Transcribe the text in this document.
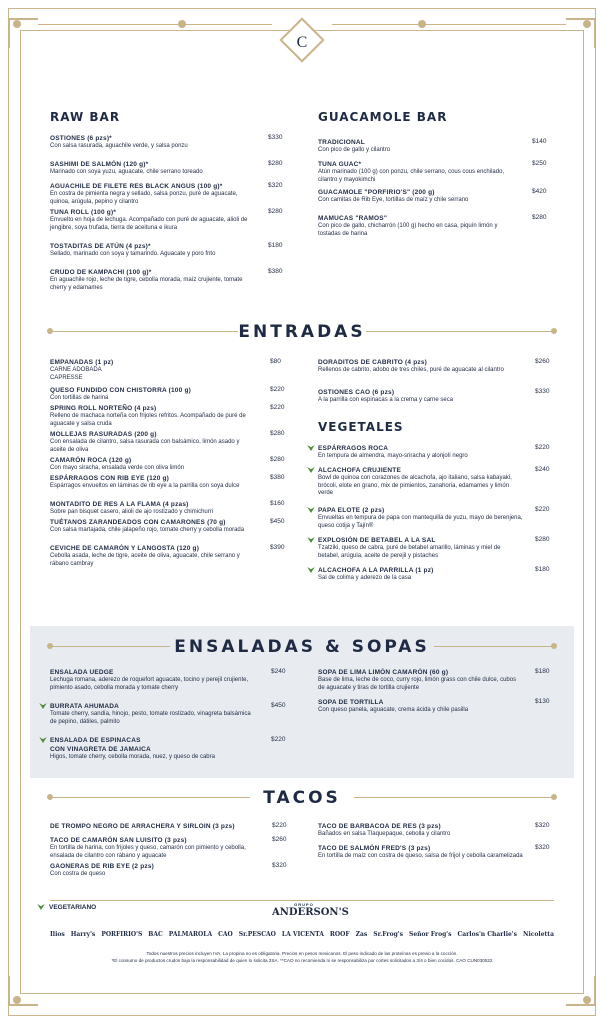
C
RAW BAR
OSTIONES (6 pzs)*
Con salsa rasurada, aguachile verde, y salsa ponzu
$330
SASHIMI DE SALMÓN (120 g)*
Marinado con soya yuzu, aguacate, chile serrano toreado
$280
AGUACHILE DE FILETE RES BLACK ANGUS (100 g)*
En costra de pimienta negra y sellado, salsa ponzu, puré de aguacate, quinoa, arúgula, pepino y cilantro
$320
TUNA ROLL (100 g)*
Envuelto en hoja de lechuga. Acompañado con puré de aguacate, alioli de jengibre, soya trufada, tierra de aceituna e ikura
$280
TOSTADITAS DE ATÚN (4 pzs)*
Sellado, marinado con soya y tamarindo. Aguacate y poro frito
$180
CRUDO DE KAMPACHI (100 g)*
En aguachile rojo, leche de tigre, cebolla morada, maíz crujiente, tomate cherry y edamames
$380
GUACAMOLE BAR
TRADICIONAL
Con pico de gallo y cilantro
$140
TUNA GUAC*
Atún marinado (100 g) con ponzu, chile serrano, cous cous enchilado, cilantro y mayokimchi
$250
GUACAMOLE "PORFIRIO'S" (200 g)
Con camitas de Rib Eye, tortillas de maíz y chile serrano
$420
MAMUCAS "RAMOS"
Con pico de gallo, chicharrón (100 g) hecho en casa, piquín limón y tostadas de harina
$280
ENTRADAS
EMPANADAS (1 pz)
CARNE ADOBADA
CAPRESSE
$80
QUESO FUNDIDO CON CHISTORRA (100 g)
Con tortillas de harina
$220
SPRING ROLL NORTEÑO (4 pzs)
Relleno de machaca norteña con frijoles refritos. Acompañado de puré de aguacate y salsa cruda
$220
MOLLEJAS RASURADAS (200 g)
Con ensalada de cilantro, salsa rasurada con balsámico, limón asado y aceite de oliva
$280
CAMARÓN ROCA (120 g)
Con mayo siracha, ensalada verde con oliva limón
$280
ESPÁRRAGOS CON RIB EYE (120 g)
Espárragos envueltos en láminas de rib eye a la parrilla con soya dulce
$380
MONTADITO DE RES A LA FLAMA (4 pzas)
Sobre pan bisquet casero, alioli de ajo rostizado y chimichurri
$160
TUÉTANOS ZARANDEADOS CON CAMARONES (70 g)
Con salsa martajada, chile jalapeño rojo, tomate cherry y cebolla morada
$450
CEVICHE DE CAMARÓN Y LANGOSTA (120 g)
Cebolla asada, leche de tigre, aceite de oliva, aguacate, chile serrano y rábano cambray
$390
DORADITOS DE CABRITO (4 pzs)
Rellenos de cabrito, adobo de tres chiles, puré de aguacate al cilantro
$260
OSTIONES CAO (6 pzs)
A la parrilla con espinacas a la crema y carne seca
$330
VEGETALES
ESPÁRRAGOS ROCA
En tempura de almendra, mayo-sriracha y alonjolí negro
$220
ALCACHOFA CRUJIENTE
Bowl de quinoa con corazones de alcachofa, ajo italiano, salsa kabayaki, brócoli, elote en grano, mix de pimientos, zanahoria, edamames y limón verde
$240
PAPA ELOTE (2 pzs)
Envueltas en tempura de papa con mantequilla de yuzu, mayo de berenjena, queso cotija y Tajín®
$220
EXPLOSIÓN DE BETABEL A LA SAL
Tzatziki, queso de cabra, puré de betabel amarillo, láminas y miel de betabel, arúgula, aceite de perejil y pistaches
$280
ALCACHOFA A LA PARRILLA (1 pz)
Sal de colima y aderezo de la casa
$180
ENSALADAS & SOPAS
ENSALADA UEDGE
Lechuga romana, aderezo de roquefort aguacate, tocino y perejil crujiente, pimiento asado, cebolla morada y tomate cherry
$240
BURRATA AHUMADA
Tomate cherry, sandía, hinojo, pesto, tomate rostizado, vinagreta balsámica de pepino, dátiles, palmito
$450
ENSALADA DE ESPINACAS
CON VINAGRETA DE JAMAICA
Higos, tomate cherry, cebolla morada, nuez, y queso de cabra
$220
SOPA DE LIMA LIMÓN CAMARÓN (60 g)
Base de lima, leche de coco, curry rojo, limón grass con chile dulce, cubos de aguacate y tiras de tortilla crujiente
$180
SOPA DE TORTILLA
Con queso panela, aguacate, crema ácida y chile pasilla
$130
TACOS
DE TROMPO NEGRO DE ARRACHERA Y SIRLOIN (3 pzs)	$220
TACO DE CAMARÓN SAN LUISITO (3 pzs)
En tortilla de harina, con frijoles y queso, camarón con pimiento y cebolla, ensalada de cilantro con rábano y aguacate
$260
GAONERAS DE RIB EYE (2 pzs)
Con costra de queso
$320
TACO DE BARBACOA DE RES (3 pzs)
Bañados en salsa Tlaquepaque, cebolla y cilantro
$320
TACO DE SALMÓN FRED'S (3 pzs)
En tortilla de maíz con costra de queso, salsa de frijol y cebolla caramelizada
$320
VEGETARIANO	GRUPO
ANDERSON'S
Ilios Harry's PORFIRIO'S BAC PALMAROLA CAO Sr.PESCAO LA VICENTA ROOF Zas Sr.Frog's Señor Frog's Carlos'n Charlie's Nicoletta
Todos nuestros precios incluyen IVA. La propina no es obligatoria. Precios en pesos mexicanos. El peso indicado de las proteínas es previo a la cocción.
*El consumo de productos crudos bajo la responsabilidad de quien lo solicita 3SA. **CAO no recomienda ni se responsabiliza por cortes solicitados a 3/4 o bien cocidos. CAO CUN030522
